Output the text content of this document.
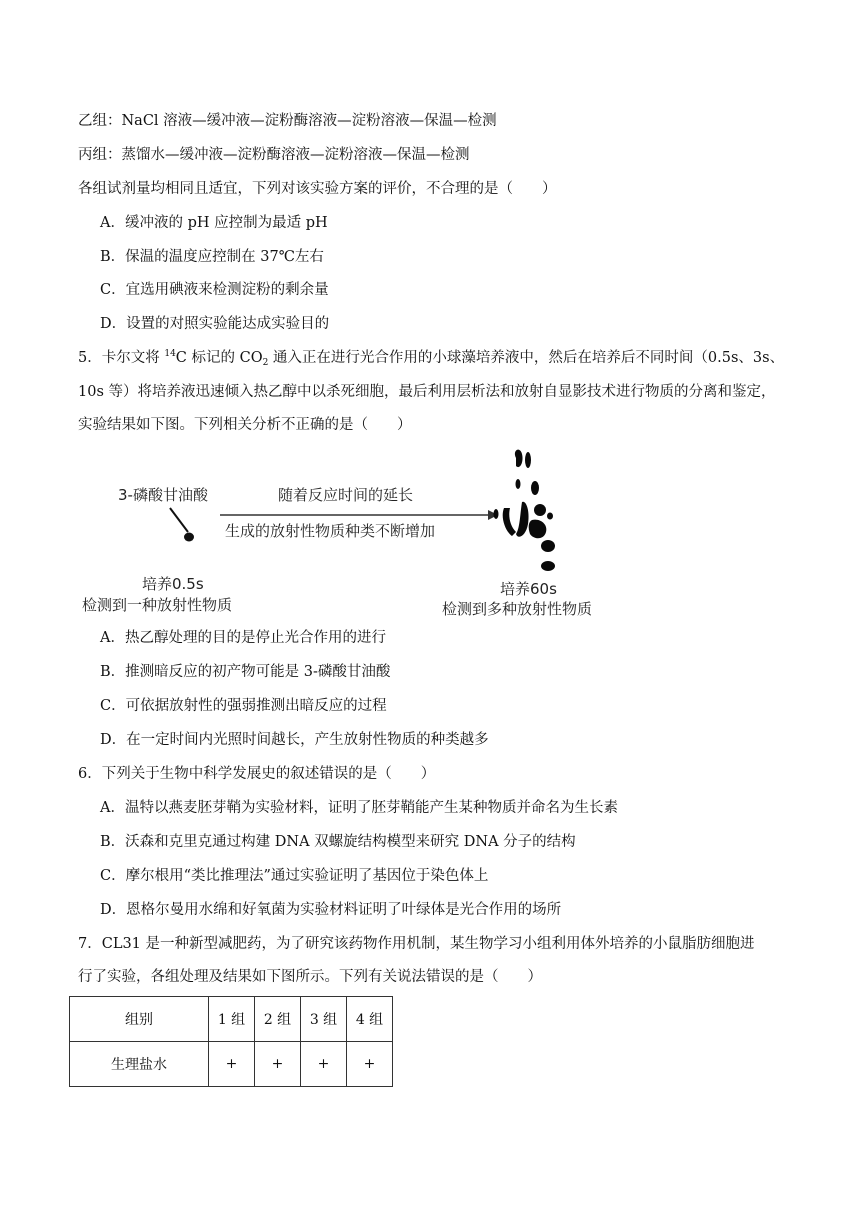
乙组：NaCl 溶液—缓冲液—淀粉酶溶液—淀粉溶液—保温—检测
丙组：蒸馏水—缓冲液—淀粉酶溶液—淀粉溶液—保温—检测
各组试剂量均相同且适宜，下列对该实验方案的评价，不合理的是（　　）
A．缓冲液的 pH 应控制为最适 pH
B．保温的温度应控制在 37℃左右
C．宜选用碘液来检测淀粉的剩余量
D．设置的对照实验能达成实验目的
5．卡尔文将 $^{14}$C 标记的 $CO_2$ 通入正在进行光合作用的小球藻培养液中，然后在培养后不同时间（0.5s、3s、
10s 等）将培养液迅速倾入热乙醇中以杀死细胞，最后利用层析法和放射自显影技术进行物质的分离和鉴定，
实验结果如下图。下列相关分析不正确的是（　　）
3-磷酸甘油酸	随着反应时间的延长
生成的放射性物质种类不断增加
培养0.5s
检测到一种放射性物质
培养60s
检测到多种放射性物质
A．热乙醇处理的目的是停止光合作用的进行
B．推测暗反应的初产物可能是 3-磷酸甘油酸
C．可依据放射性的强弱推测出暗反应的过程
D．在一定时间内光照时间越长，产生放射性物质的种类越多
6．下列关于生物中科学发展史的叙述错误的是（　　）
A．温特以燕麦胚芽鞘为实验材料，证明了胚芽鞘能产生某种物质并命名为生长素
B．沃森和克里克通过构建 DNA 双螺旋结构模型来研究 DNA 分子的结构
C．摩尔根用“类比推理法”通过实验证明了基因位于染色体上
D．恩格尔曼用水绵和好氧菌为实验材料证明了叶绿体是光合作用的场所
7．CL31 是一种新型减肥药，为了研究该药物作用机制，某生物学习小组利用体外培养的小鼠脂肪细胞进
行了实验，各组处理及结果如下图所示。下列有关说法错误的是（　　）
组别	1 组	2 组	3 组	4 组
生理盐水	+	+	+	+
